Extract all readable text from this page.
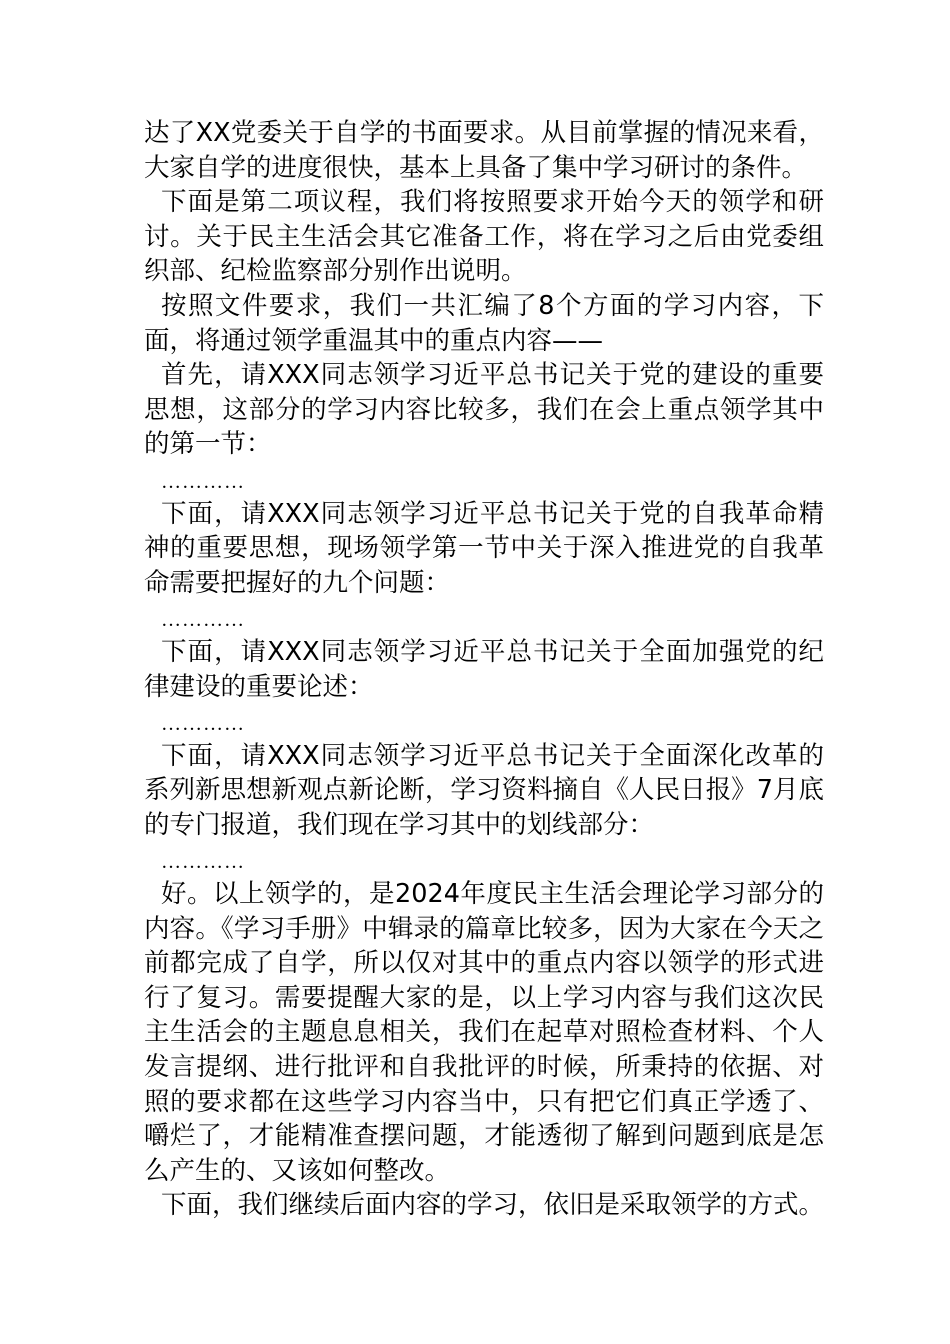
达了XX党委关于自学的书面要求。从目前掌握的情况来看，大家自学的进度很快，基本上具备了集中学习研讨的条件。

下面是第二项议程，我们将按照要求开始今天的领学和研讨。关于民主生活会其它准备工作，将在学习之后由党委组织部、纪检监察部分别作出说明。

按照文件要求，我们一共汇编了8个方面的学习内容，下面，将通过领学重温其中的重点内容——

首先，请XXX同志领学习近平总书记关于党的建设的重要思想，这部分的学习内容比较多，我们在会上重点领学其中的第一节：

…………

下面，请XXX同志领学习近平总书记关于党的自我革命精神的重要思想，现场领学第一节中关于深入推进党的自我革命需要把握好的九个问题：

…………

下面，请XXX同志领学习近平总书记关于全面加强党的纪律建设的重要论述：

…………

下面，请XXX同志领学习近平总书记关于全面深化改革的系列新思想新观点新论断，学习资料摘自《人民日报》7月底的专门报道，我们现在学习其中的划线部分：

…………

好。以上领学的，是2024年度民主生活会理论学习部分的内容。《学习手册》中辑录的篇章比较多，因为大家在今天之前都完成了自学，所以仅对其中的重点内容以领学的形式进行了复习。需要提醒大家的是，以上学习内容与我们这次民主生活会的主题息息相关，我们在起草对照检查材料、个人发言提纲、进行批评和自我批评的时候，所秉持的依据、对照的要求都在这些学习内容当中，只有把它们真正学透了、嚼烂了，才能精准查摆问题，才能透彻了解到问题到底是怎么产生的、又该如何整改。

下面，我们继续后面内容的学习，依旧是采取领学的方式。
